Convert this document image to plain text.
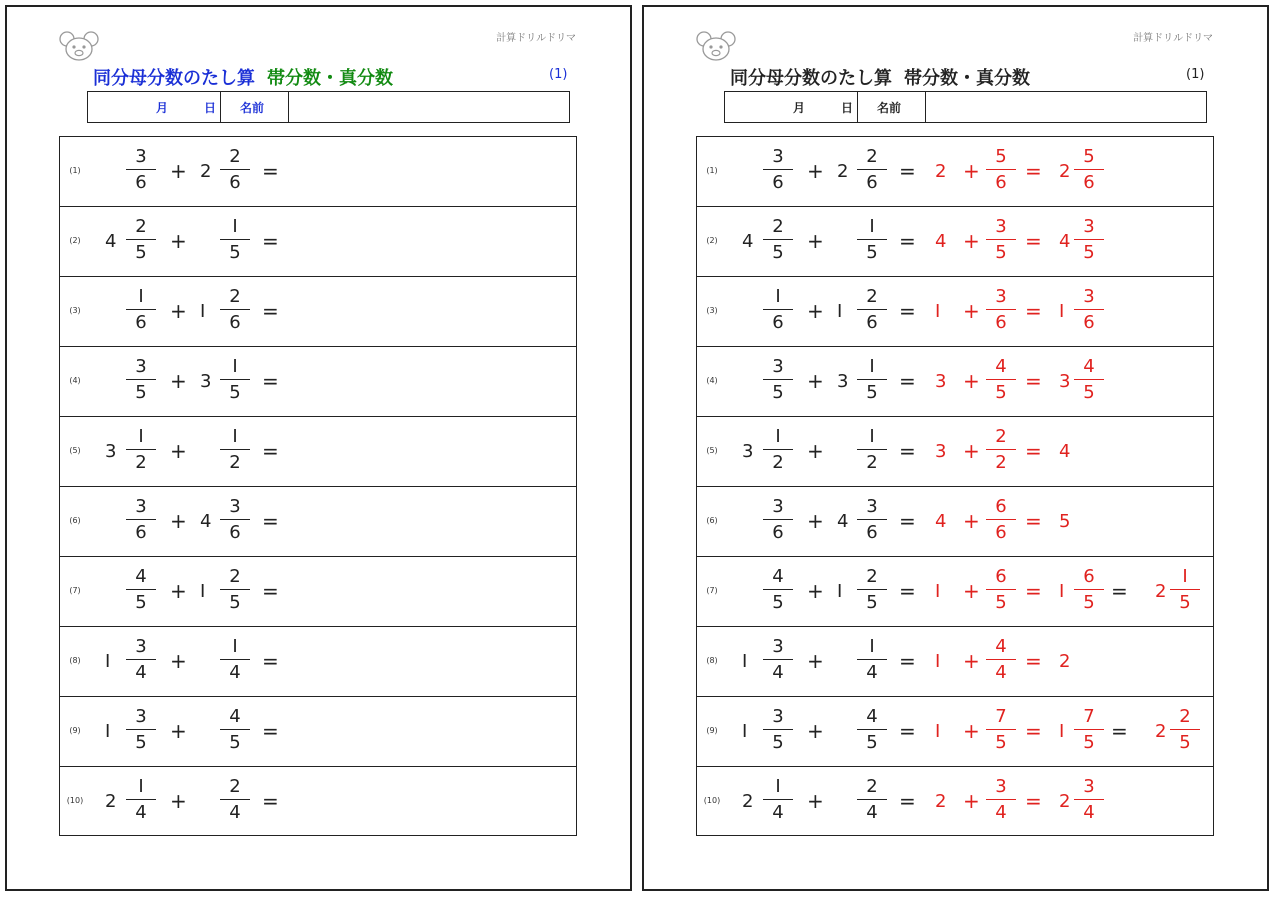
計算ドリルドリマ
同分母分数のたし算 帯分数・真分数	(1)
月	日 名前
(1)
3
6	+ 2
2
6	=
(2)	4
2
5	+
I
5	=
(3)
I
6	+ I
2
6	=
(4)
3
5	+ 3
I
5	=
(5)	3
I
2	+
I
2	=
(6)
3
6	+ 4
3
6	=
(7)
4
5	+ I
2
5	=
(8)	I
3
4	+
I
4	=
(9)	I
3
5	+
4
5	=
(10)	2
I
4	+
2
4	=
計算ドリルドリマ
同分母分数のたし算 帯分数・真分数	(1)
月	日 名前
(1)
3
6	+ 2
2
6	= 2 +
5
6 = 2
5
6
(2)	4
2
5	+
I
5	= 4 +
3
5 = 4
3
5
(3)
I
6	+ I
2
6	= I +
3
6 = I
3
6
(4)
3
5	+ 3
I
5	= 3 +
4
5 = 3
4
5
(5)	3
I
2	+
I
2	= 3 +
2
2 = 4
(6)
3
6	+ 4
3
6	= 4 +
6
6 = 5
(7)
4
5	+ I
2
5	= I +
6
5 = I
6
5 = 2
I
5
(8)	I
3
4	+
I
4	= I +
4
4 = 2
(9)	I
3
5	+
4
5	= I +
7
5 = I
7
5 = 2
2
5
(10)	2
I
4	+
2
4	= 2 +
3
4 = 2
3
4
